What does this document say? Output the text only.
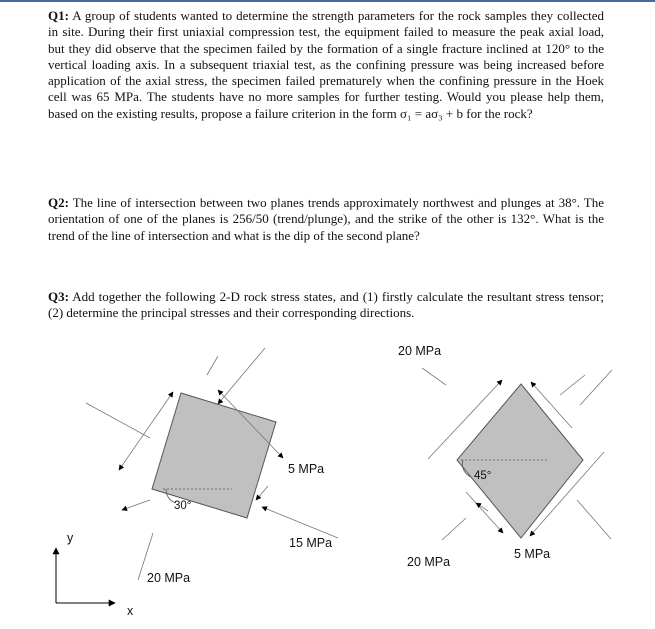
Q1: A group of students wanted to determine the strength parameters for the rock samples they collected in site. During their first uniaxial compression test, the equipment failed to measure the peak axial load, but they did observe that the specimen failed by the formation of a single fracture inclined at 120° to the vertical loading axis. In a subsequent triaxial test, as the confining pressure was being increased before application of the axial stress, the specimen failed prematurely when the confining pressure in the Hoek cell was 65 MPa. The students have no more samples for further testing. Would you please help them, based on the existing results, propose a failure criterion in the form σ₁ = aσ₃ + b for the rock?

Q2: The line of intersection between two planes trends approximately northwest and plunges at 38°. The orientation of one of the planes is 256/50 (trend/plunge), and the strike of the other is 132°. What is the trend of the line of intersection and what is the dip of the second plane?

Q3: Add together the following 2-D rock stress states, and (1) firstly calculate the resultant stress tensor; (2) determine the principal stresses and their corresponding directions.

30°
5 MPa
15 MPa
20 MPa
y
x
45°
20 MPa
20 MPa
5 MPa
